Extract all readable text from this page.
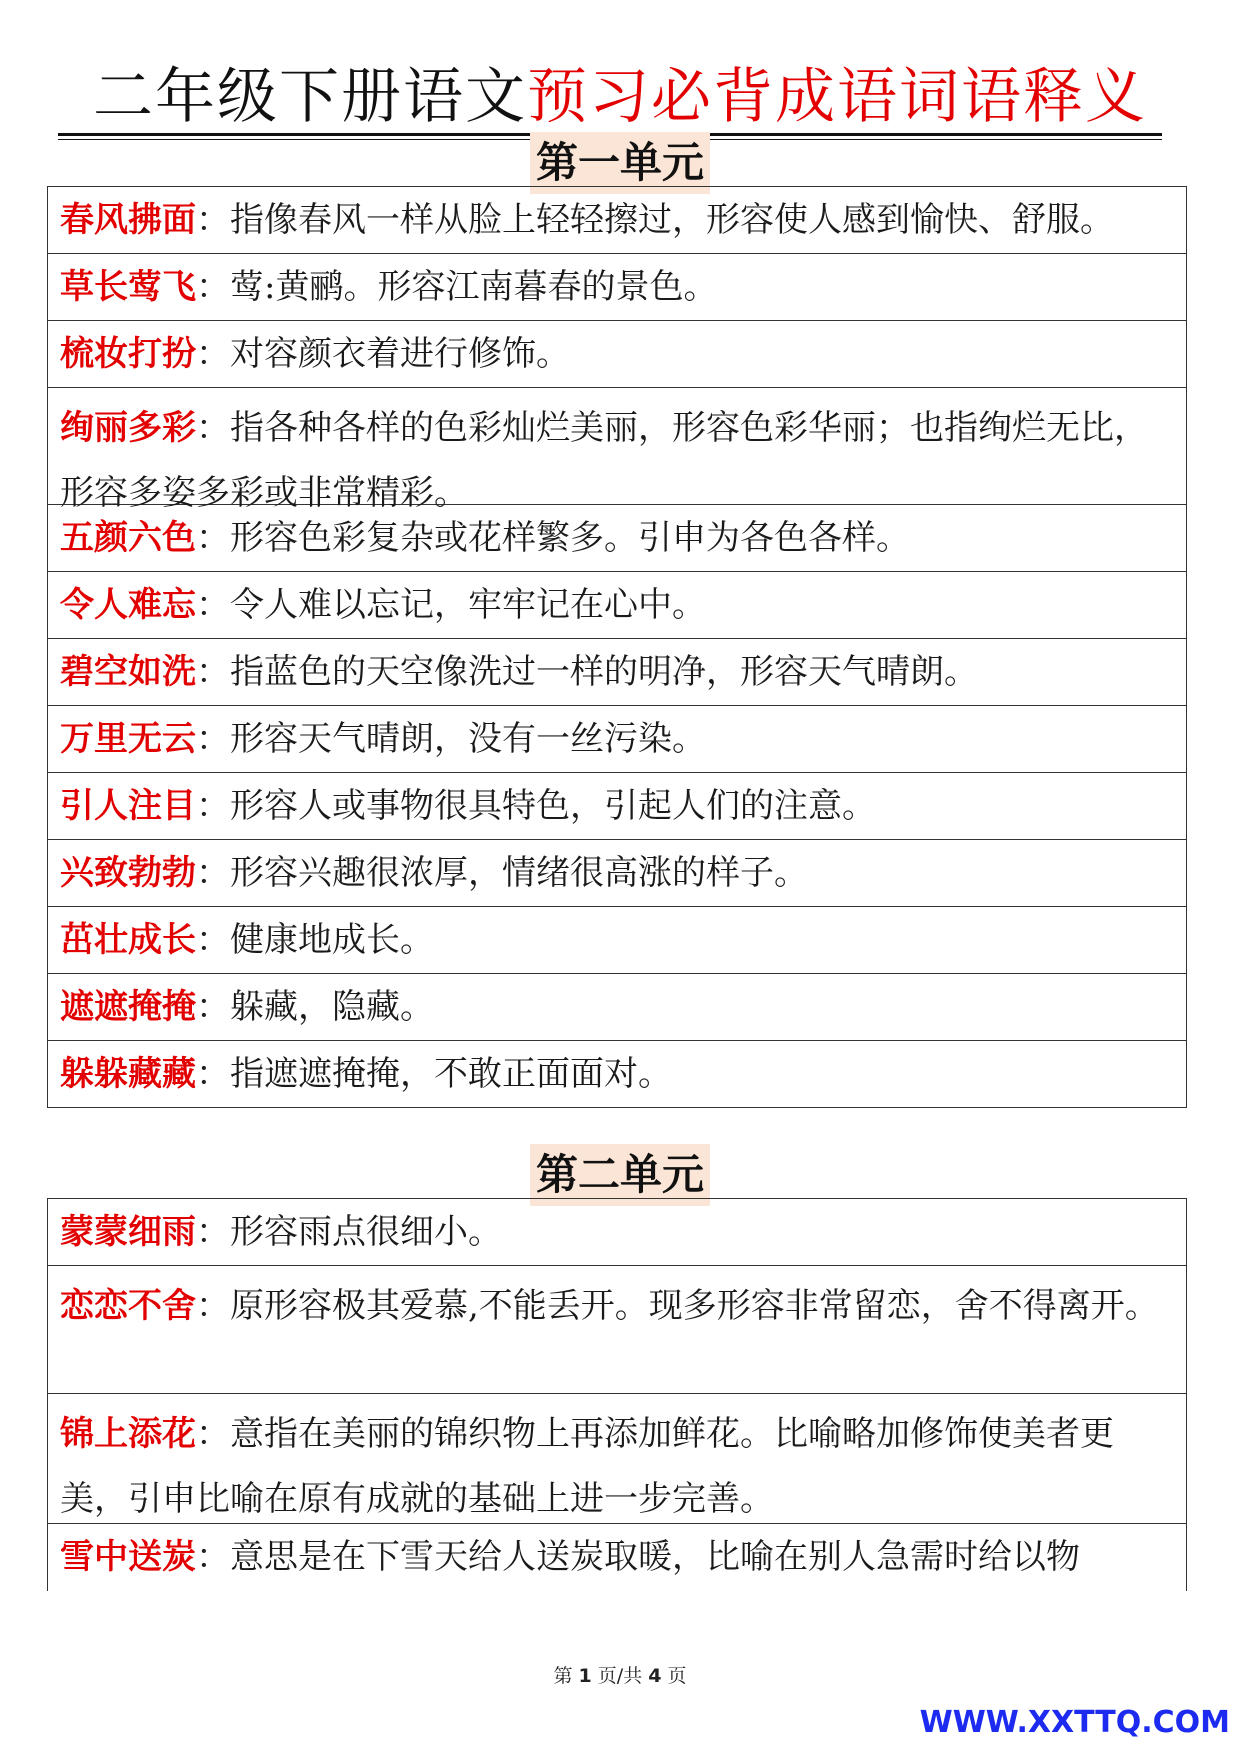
二年级下册语文预习必背成语词语释义
第一单元
春风拂面：指像春风一样从脸上轻轻擦过，形容使人感到愉快、舒服。
草长莺飞：莺:黄鹂。形容江南暮春的景色。
梳妆打扮：对容颜衣着进行修饰。
绚丽多彩：指各种各样的色彩灿烂美丽，形容色彩华丽；也指绚烂无比，形容多姿多彩或非常精彩。
五颜六色：形容色彩复杂或花样繁多。引申为各色各样。
令人难忘：令人难以忘记，牢牢记在心中。
碧空如洗：指蓝色的天空像洗过一样的明净，形容天气晴朗。
万里无云：形容天气晴朗，没有一丝污染。
引人注目：形容人或事物很具特色，引起人们的注意。
兴致勃勃：形容兴趣很浓厚，情绪很高涨的样子。
茁壮成长：健康地成长。
遮遮掩掩：躲藏，隐藏。
躲躲藏藏：指遮遮掩掩，不敢正面面对。
第二单元
蒙蒙细雨：形容雨点很细小。
恋恋不舍：原形容极其爱慕,不能丢开。现多形容非常留恋，舍不得离开。
锦上添花：意指在美丽的锦织物上再添加鲜花。比喻略加修饰使美者更美，引申比喻在原有成就的基础上进一步完善。
雪中送炭：意思是在下雪天给人送炭取暖，比喻在别人急需时给以物
第 1 页/共 4 页
WWW.XXTTQ.COM
